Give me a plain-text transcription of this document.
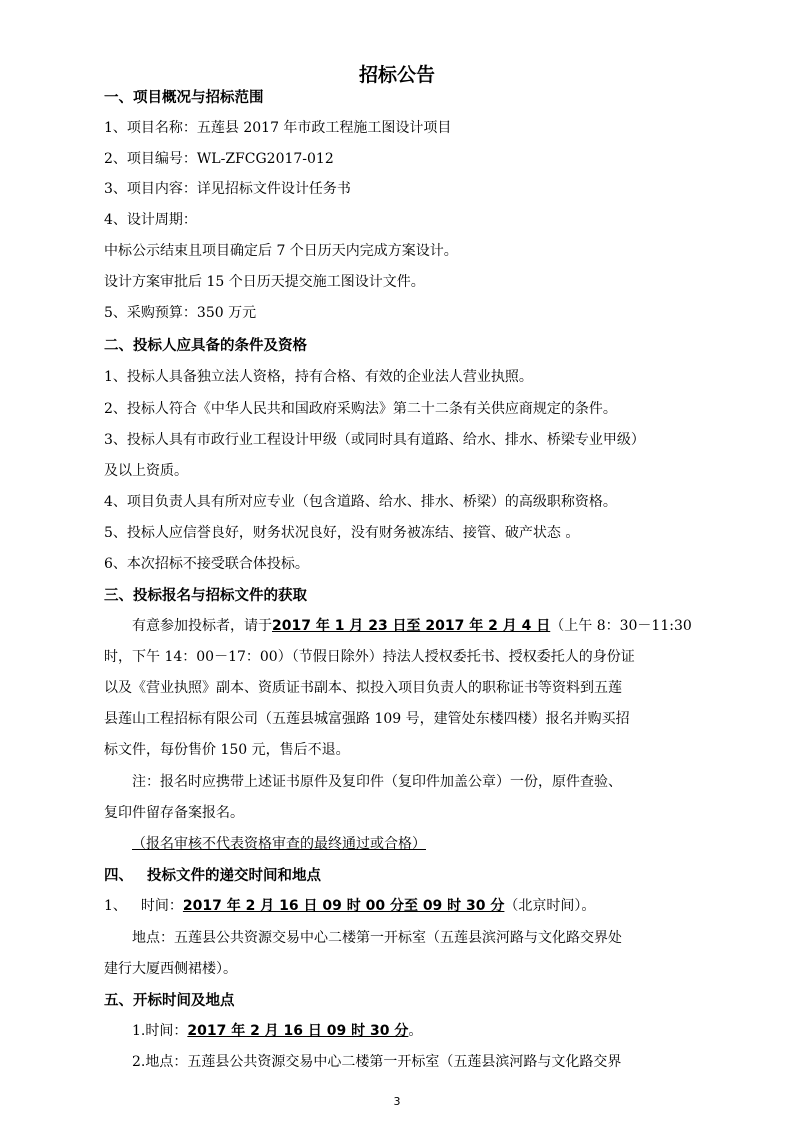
招标公告
一、项目概况与招标范围
1、项目名称：五莲县 2017 年市政工程施工图设计项目
2、项目编号：WL-ZFCG2017-012
3、项目内容：详见招标文件设计任务书
4、设计周期：
中标公示结束且项目确定后 7 个日历天内完成方案设计。
设计方案审批后 15 个日历天提交施工图设计文件。
5、采购预算：350 万元
二、投标人应具备的条件及资格
1、投标人具备独立法人资格，持有合格、有效的企业法人营业执照。
2、投标人符合《中华人民共和国政府采购法》第二十二条有关供应商规定的条件。
3、投标人具有市政行业工程设计甲级（或同时具有道路、给水、排水、桥梁专业甲级）
及以上资质。
4、项目负责人具有所对应专业（包含道路、给水、排水、桥梁）的高级职称资格。
5、投标人应信誉良好，财务状况良好，没有财务被冻结、接管、破产状态 。
6、本次招标不接受联合体投标。
三、投标报名与招标文件的获取
有意参加投标者，请于2017 年 1 月 23 日至 2017 年 2 月 4 日（上午 8：30－11:30
时，下午 14：00－17：00）（节假日除外）持法人授权委托书、授权委托人的身份证
以及《营业执照》副本、资质证书副本、拟投入项目负责人的职称证书等资料到五莲
县莲山工程招标有限公司（五莲县城富强路 109 号，建管处东楼四楼）报名并购买招
标文件，每份售价 150 元，售后不退。
注：报名时应携带上述证书原件及复印件（复印件加盖公章）一份，原件查验、
复印件留存备案报名。
（报名审核不代表资格审查的最终通过或合格）
四、 投标文件的递交时间和地点
1、 时间：2017 年 2 月 16 日 09 时 00 分至 09 时 30 分（北京时间）。
地点：五莲县公共资源交易中心二楼第一开标室（五莲县滨河路与文化路交界处
建行大厦西侧裙楼）。
五、开标时间及地点
1.时间：2017 年 2 月 16 日 09 时 30 分。
2.地点：五莲县公共资源交易中心二楼第一开标室（五莲县滨河路与文化路交界
3
